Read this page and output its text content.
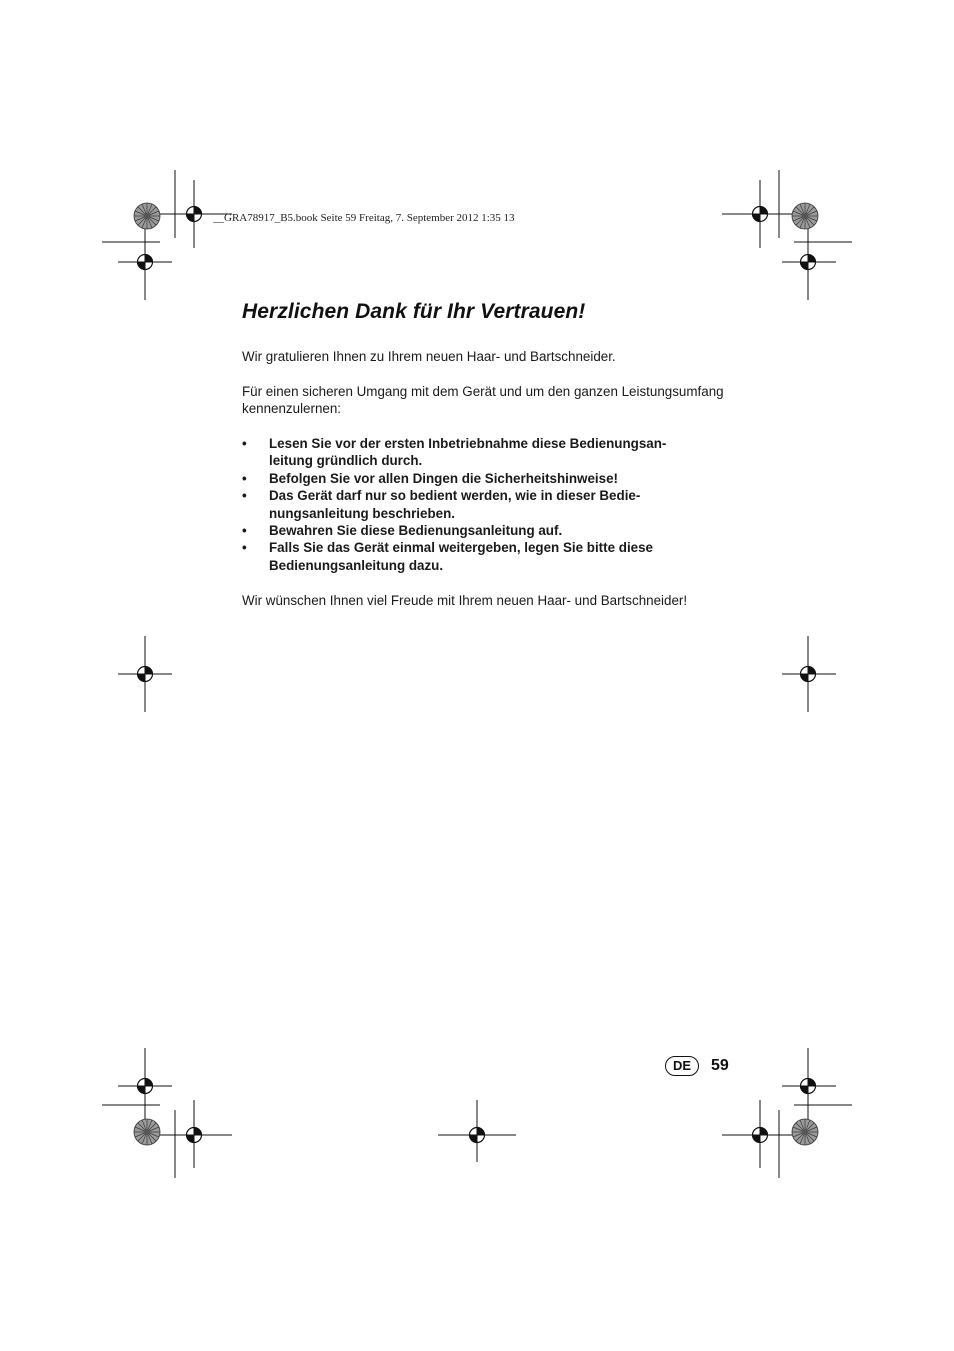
__GRA78917_B5.book Seite 59 Freitag, 7. September 2012 1:35 13
Herzlichen Dank für Ihr Vertrauen!

Wir gratulieren Ihnen zu Ihrem neuen Haar- und Bartschneider.

Für einen sicheren Umgang mit dem Gerät und um den ganzen Leistungsumfang
kennenzulernen:

• Lesen Sie vor der ersten Inbetriebnahme diese Bedienungsan-
leitung gründlich durch.
• Befolgen Sie vor allen Dingen die Sicherheitshinweise!
• Das Gerät darf nur so bedient werden, wie in dieser Bedie-
nungsanleitung beschrieben.
• Bewahren Sie diese Bedienungsanleitung auf.
• Falls Sie das Gerät einmal weitergeben, legen Sie bitte diese
Bedienungsanleitung dazu.

Wir wünschen Ihnen viel Freude mit Ihrem neuen Haar- und Bartschneider!

DE	59
